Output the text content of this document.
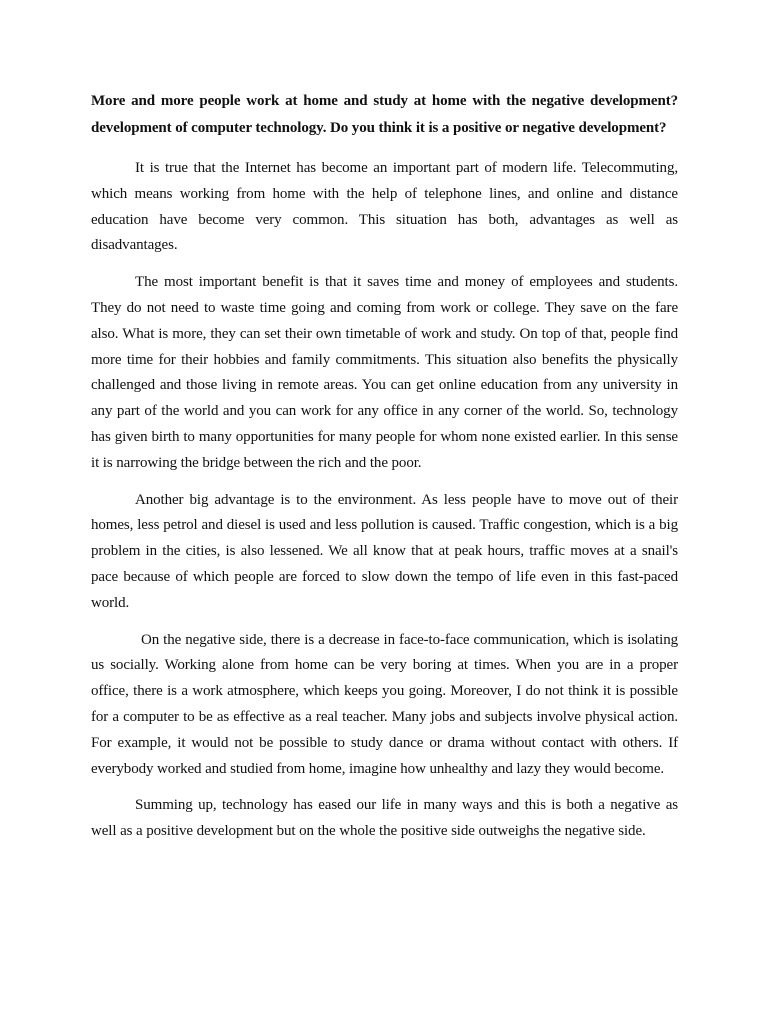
More and more people work at home and study at home with the negative development? development of computer technology. Do you think it is a positive or negative development?

It is true that the Internet has become an important part of modern life. Telecommuting, which means working from home with the help of telephone lines, and online and distance education have become very common. This situation has both, advantages as well as disadvantages.

The most important benefit is that it saves time and money of employees and students. They do not need to waste time going and coming from work or college. They save on the fare also. What is more, they can set their own timetable of work and study. On top of that, people find more time for their hobbies and family commitments. This situation also benefits the physically challenged and those living in remote areas. You can get online education from any university in any part of the world and you can work for any office in any corner of the world. So, technology has given birth to many opportunities for many people for whom none existed earlier. In this sense it is narrowing the bridge between the rich and the poor.

Another big advantage is to the environment. As less people have to move out of their homes, less petrol and diesel is used and less pollution is caused. Traffic congestion, which is a big problem in the cities, is also lessened. We all know that at peak hours, traffic moves at a snail's pace because of which people are forced to slow down the tempo of life even in this fast-paced world.

On the negative side, there is a decrease in face-to-face communication, which is isolating us socially. Working alone from home can be very boring at times. When you are in a proper office, there is a work atmosphere, which keeps you going. Moreover, I do not think it is possible for a computer to be as effective as a real teacher. Many jobs and subjects involve physical action. For example, it would not be possible to study dance or drama without contact with others. If everybody worked and studied from home, imagine how unhealthy and lazy they would become.

Summing up, technology has eased our life in many ways and this is both a negative as well as a positive development but on the whole the positive side outweighs the negative side.
